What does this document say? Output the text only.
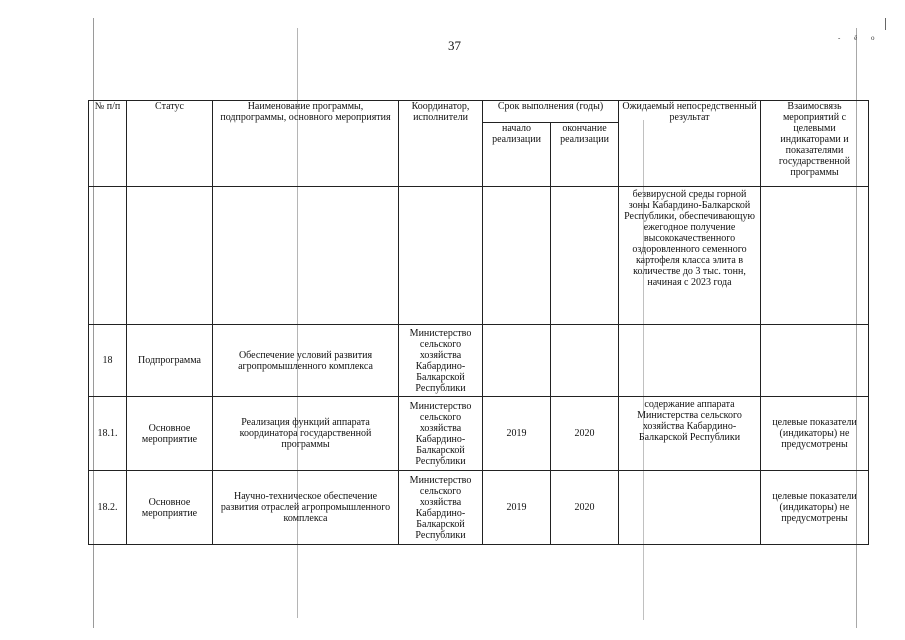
37	- ё о
№ п/п	Статус	Наименование программы, подпрограммы, основного мероприятия	Координатор, исполнители	Срок выполнения (годы)		Ожидаемый непосредственный результат	Взаимосвязь мероприятий с целевыми индикаторами и показателями государственной программы
				начало реализации	окончание реализации		
						безвирусной среды горной зоны Кабардино-Балкарской Республики, обеспечивающую ежегодное получение высококачественного оздоровленного семенного картофеля класса элита в количестве до 3 тыс. тонн, начиная с 2023 года	
18	Подпрограмма	Обеспечение условий развития агропромышленного комплекса	Министерство сельского хозяйства Кабардино-Балкарской Республики				
18.1.	Основное мероприятие	Реализация функций аппарата координатора государственной программы	Министерство сельского хозяйства Кабардино-Балкарской Республики	2019	2020	содержание аппарата Министерства сельского хозяйства Кабардино-Балкарской Республики	целевые показатели (индикаторы) не предусмотрены
18.2.	Основное мероприятие	Научно-техническое обеспечение развития отраслей агропромышленного комплекса	Министерство сельского хозяйства Кабардино-Балкарской Республики	2019	2020		целевые показатели (индикаторы) не предусмотрены
